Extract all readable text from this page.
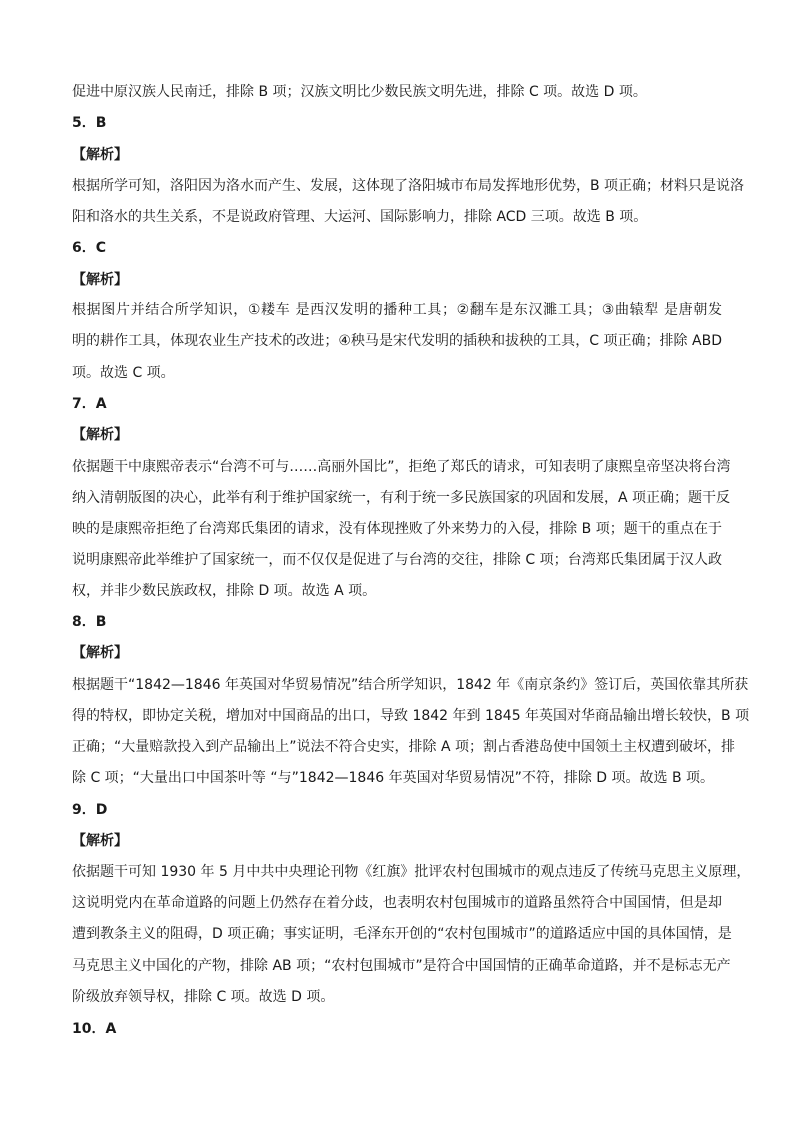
促进中原汉族人民南迁，排除 B 项；汉族文明比少数民族文明先进，排除 C 项。故选 D 项。
5．B
【解析】
根据所学可知，洛阳因为洛水而产生、发展，这体现了洛阳城市布局发挥地形优势，B 项正确；材料只是说洛
阳和洛水的共生关系，不是说政府管理、大运河、国际影响力，排除 ACD 三项。故选 B 项。
6．C
【解析】
根据图片并结合所学知识，①耧车 是西汉发明的播种工具；②翻车是东汉濉工具；③曲辕犁 是唐朝发
明的耕作工具，体现农业生产技术的改进；④秧马是宋代发明的插秧和拔秧的工具，C 项正确；排除 ABD
项。故选 C 项。
7．A
【解析】
依据题干中康熙帝表示“台湾不可与……高丽外国比”，拒绝了郑氏的请求，可知表明了康熙皇帝坚决将台湾
纳入清朝版图的决心，此举有利于维护国家统一，有利于统一多民族国家的巩固和发展，A 项正确；题干反
映的是康熙帝拒绝了台湾郑氏集团的请求，没有体现挫败了外来势力的入侵，排除 B 项；题干的重点在于
说明康熙帝此举维护了国家统一，而不仅仅是促进了与台湾的交往，排除 C 项；台湾郑氏集团属于汉人政
权，并非少数民族政权，排除 D 项。故选 A 项。
8．B
【解析】
根据题干“1842—1846 年英国对华贸易情况”结合所学知识，1842 年《南京条约》签订后，英国依靠其所获
得的特权，即协定关税，增加对中国商品的出口，导致 1842 年到 1845 年英国对华商品输出增长较快，B 项
正确；“大量赔款投入到产品输出上”说法不符合史实，排除 A 项；割占香港岛使中国领土主权遭到破坏，排
除 C 项；“大量出口中国茶叶等 “与”1842—1846 年英国对华贸易情况”不符，排除 D 项。故选 B 项。
9．D
【解析】
依据题干可知 1930 年 5 月中共中央理论刊物《红旗》批评农村包围城市的观点违反了传统马克思主义原理，
这说明党内在革命道路的问题上仍然存在着分歧，也表明农村包围城市的道路虽然符合中国国情，但是却
遭到教条主义的阻碍，D 项正确；事实证明，毛泽东开创的“农村包围城市”的道路适应中国的具体国情，是
马克思主义中国化的产物，排除 AB 项；“农村包围城市”是符合中国国情的正确革命道路，并不是标志无产
阶级放弃领导权，排除 C 项。故选 D 项。
10．A
